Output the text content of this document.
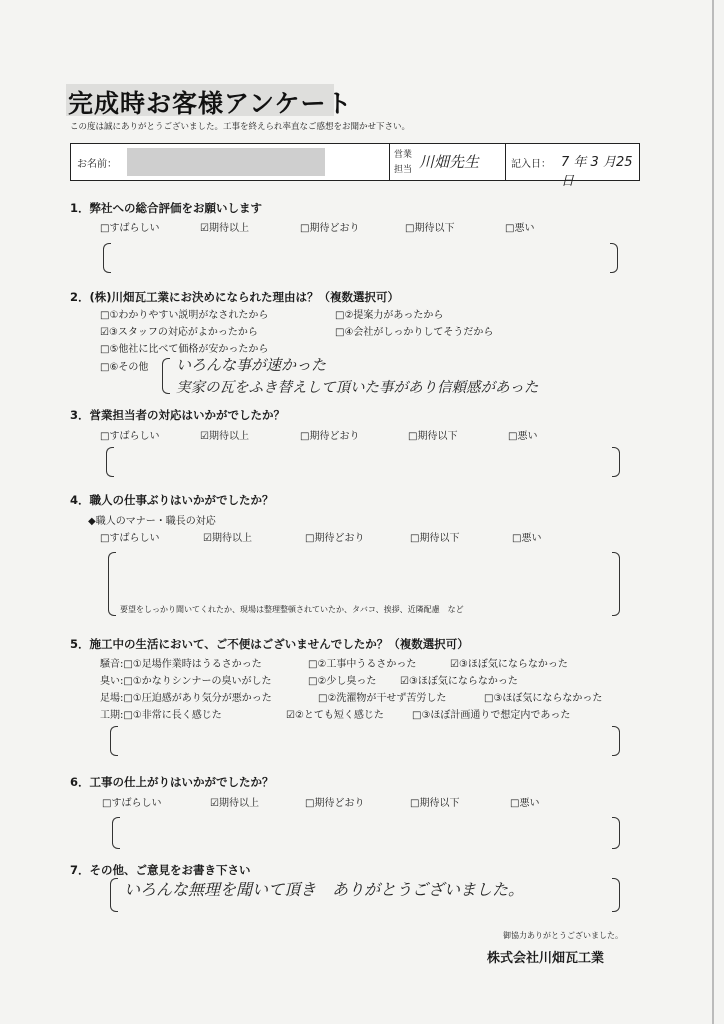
完成時お客様アンケート
この度は誠にありがとうございました。工事を終えられ率直なご感想をお聞かせ下さい。
お名前：
営業
担当 川畑先生	記入日： 7 年 3 月25 日
1．弊社への総合評価をお願いします
□すばらしい	☑期待以上	□期待どおり	□期待以下	□悪い
2．(株)川畑瓦工業にお決めになられた理由は？（複数選択可）
□①わかりやすい説明がなされたから	□②提案力があったから
☑③スタッフの対応がよかったから	□④会社がしっかりしてそうだから
□⑤他社に比べて価格が安かったから
□⑥その他 いろんな事が速かった
実家の瓦をふき替えして頂いた事があり信頼感があった
3．営業担当者の対応はいかがでしたか？
□すばらしい	☑期待以上	□期待どおり	□期待以下	□悪い
4．職人の仕事ぶりはいかがでしたか？
◆職人のマナー・職長の対応
□すばらしい	☑期待以上	□期待どおり	□期待以下	□悪い
要望をしっかり聞いてくれたか、現場は整理整頓されていたか、タバコ、挨拶、近隣配慮　など
5．施工中の生活において、ご不便はございませんでしたか？（複数選択可）
騒音:□①足場作業時はうるさかった	□②工事中うるさかった	☑③ほぼ気にならなかった
臭い:□①かなりシンナーの臭いがした	□②少し臭った ☑③ほぼ気にならなかった
足場:□①圧迫感があり気分が悪かった	□②洗濯物が干せず苦労した	□③ほぼ気にならなかった
工期:□①非常に長く感じた	☑②とても短く感じた	□③ほぼ計画通りで想定内であった
6．工事の仕上がりはいかがでしたか？
□すばらしい	☑期待以上	□期待どおり	□期待以下	□悪い
7．その他、ご意見をお書き下さい
いろんな無理を聞いて頂き　ありがとうございました。
御協力ありがとうございました。
株式会社川畑瓦工業
